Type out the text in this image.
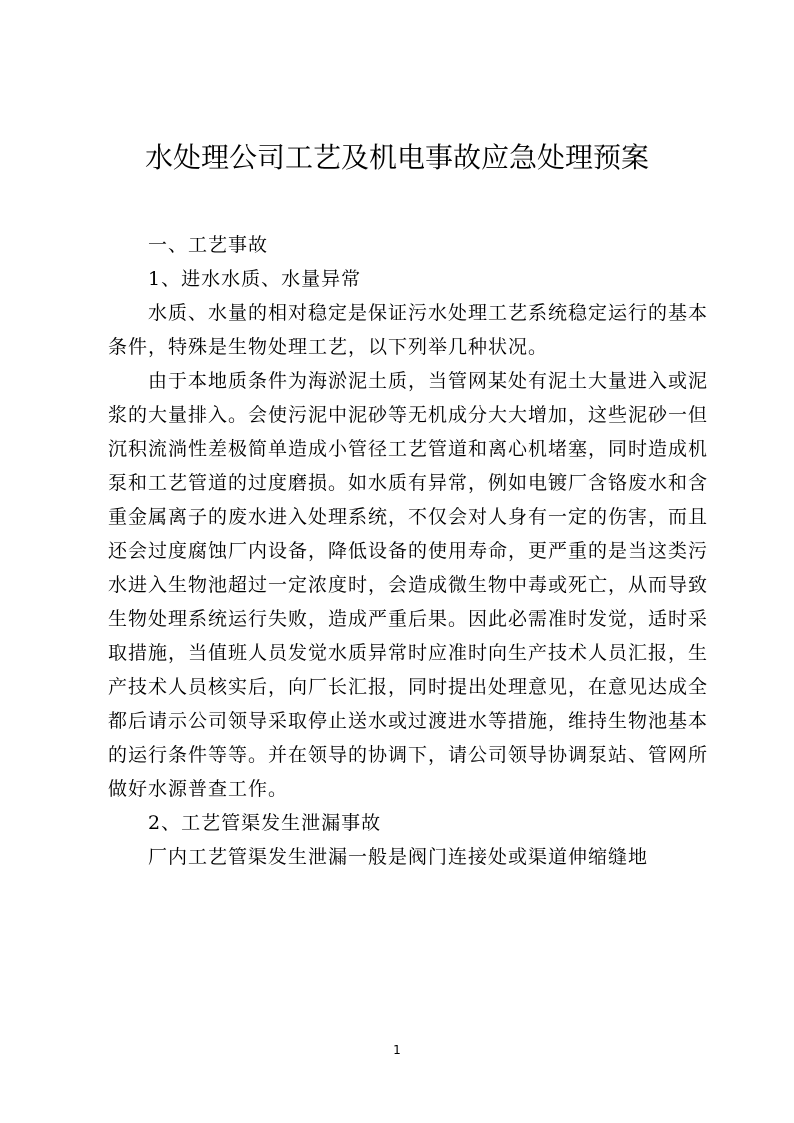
水处理公司工艺及机电事故应急处理预案

一、工艺事故

1、进水水质、水量异常

水质、水量的相对稳定是保证污水处理工艺系统稳定运行的基本条件，特殊是生物处理工艺，以下列举几种状况。

由于本地质条件为海淤泥土质，当管网某处有泥土大量进入或泥浆的大量排入。会使污泥中泥砂等无机成分大大增加，这些泥砂一但沉积流淌性差极简单造成小管径工艺管道和离心机堵塞，同时造成机泵和工艺管道的过度磨损。如水质有异常，例如电镀厂含铬废水和含重金属离子的废水进入处理系统，不仅会对人身有一定的伤害，而且还会过度腐蚀厂内设备，降低设备的使用寿命，更严重的是当这类污水进入生物池超过一定浓度时，会造成微生物中毒或死亡，从而导致生物处理系统运行失败，造成严重后果。因此必需准时发觉，适时采取措施，当值班人员发觉水质异常时应准时向生产技术人员汇报，生产技术人员核实后，向厂长汇报，同时提出处理意见，在意见达成全都后请示公司领导采取停止送水或过渡进水等措施，维持生物池基本的运行条件等等。并在领导的协调下，请公司领导协调泵站、管网所做好水源普查工作。

2、工艺管渠发生泄漏事故

厂内工艺管渠发生泄漏一般是阀门连接处或渠道伸缩缝地

1
